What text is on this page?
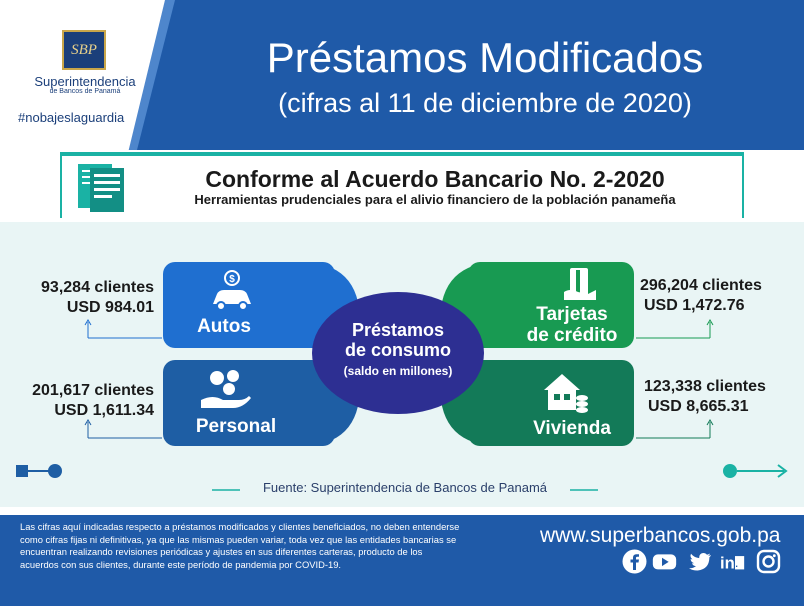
SBP
Superintendencia
de Bancos de Panamá
#nobajeslaguardia
Préstamos Modificados
(cifras al 11 de diciembre de 2020)
Conforme al Acuerdo Bancario No. 2-2020
Herramientas prudenciales para el alivio financiero de la población panameña
$
Autos
Personal
Tarjetas
de crédito
Vivienda
Préstamos
de consumo
(saldo en millones)
93,284 clientes
USD 984.01
201,617 clientes
USD 1,611.34
296,204 clientes
USD 1,472.76
123,338 clientes
USD 8,665.31
Fuente: Superintendencia de Bancos de Panamá
Las cifras aquí indicadas respecto a préstamos modificados y clientes beneficiados, no deben entenderse como cifras fijas ni definitivas, ya que las mismas pueden variar, toda vez que las entidades bancarias se encuentran realizando revisiones periódicas y ajustes en sus diferentes carteras, producto de los acuerdos con sus clientes, durante este período de pandemia por COVID-19.
www.superbancos.gob.pa
in .
